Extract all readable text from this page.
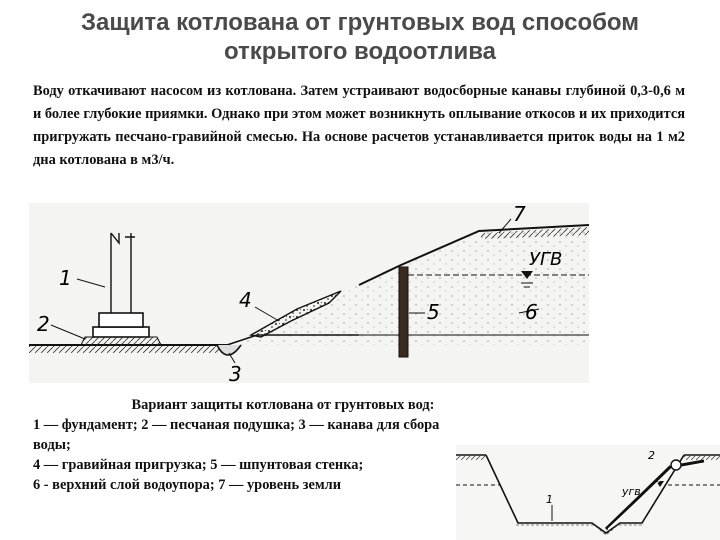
Защита котлована от грунтовых вод способом
открытого водоотлива
Воду откачивают насосом из котлована. Затем устраивают водосборные канавы глубиной 0,3-0,6 м и более глубокие приямки. Однако при этом может возникнуть оплывание откосов и их приходится пригружать песчано-гравийной смесью. На основе расчетов устанавливается приток воды на 1 м2 дна котлована в м3/ч.
1
2
3
4	5	6
7
УГВ
Вариант защиты котлована от грунтовых вод:
1 — фундамент; 2 — песчаная подушка; 3 — канава для сбора
воды;
4 — гравийная пригрузка; 5 — шпунтовая стенка;
6 - верхний слой водоупора; 7 — уровень земли
2
угв
1
